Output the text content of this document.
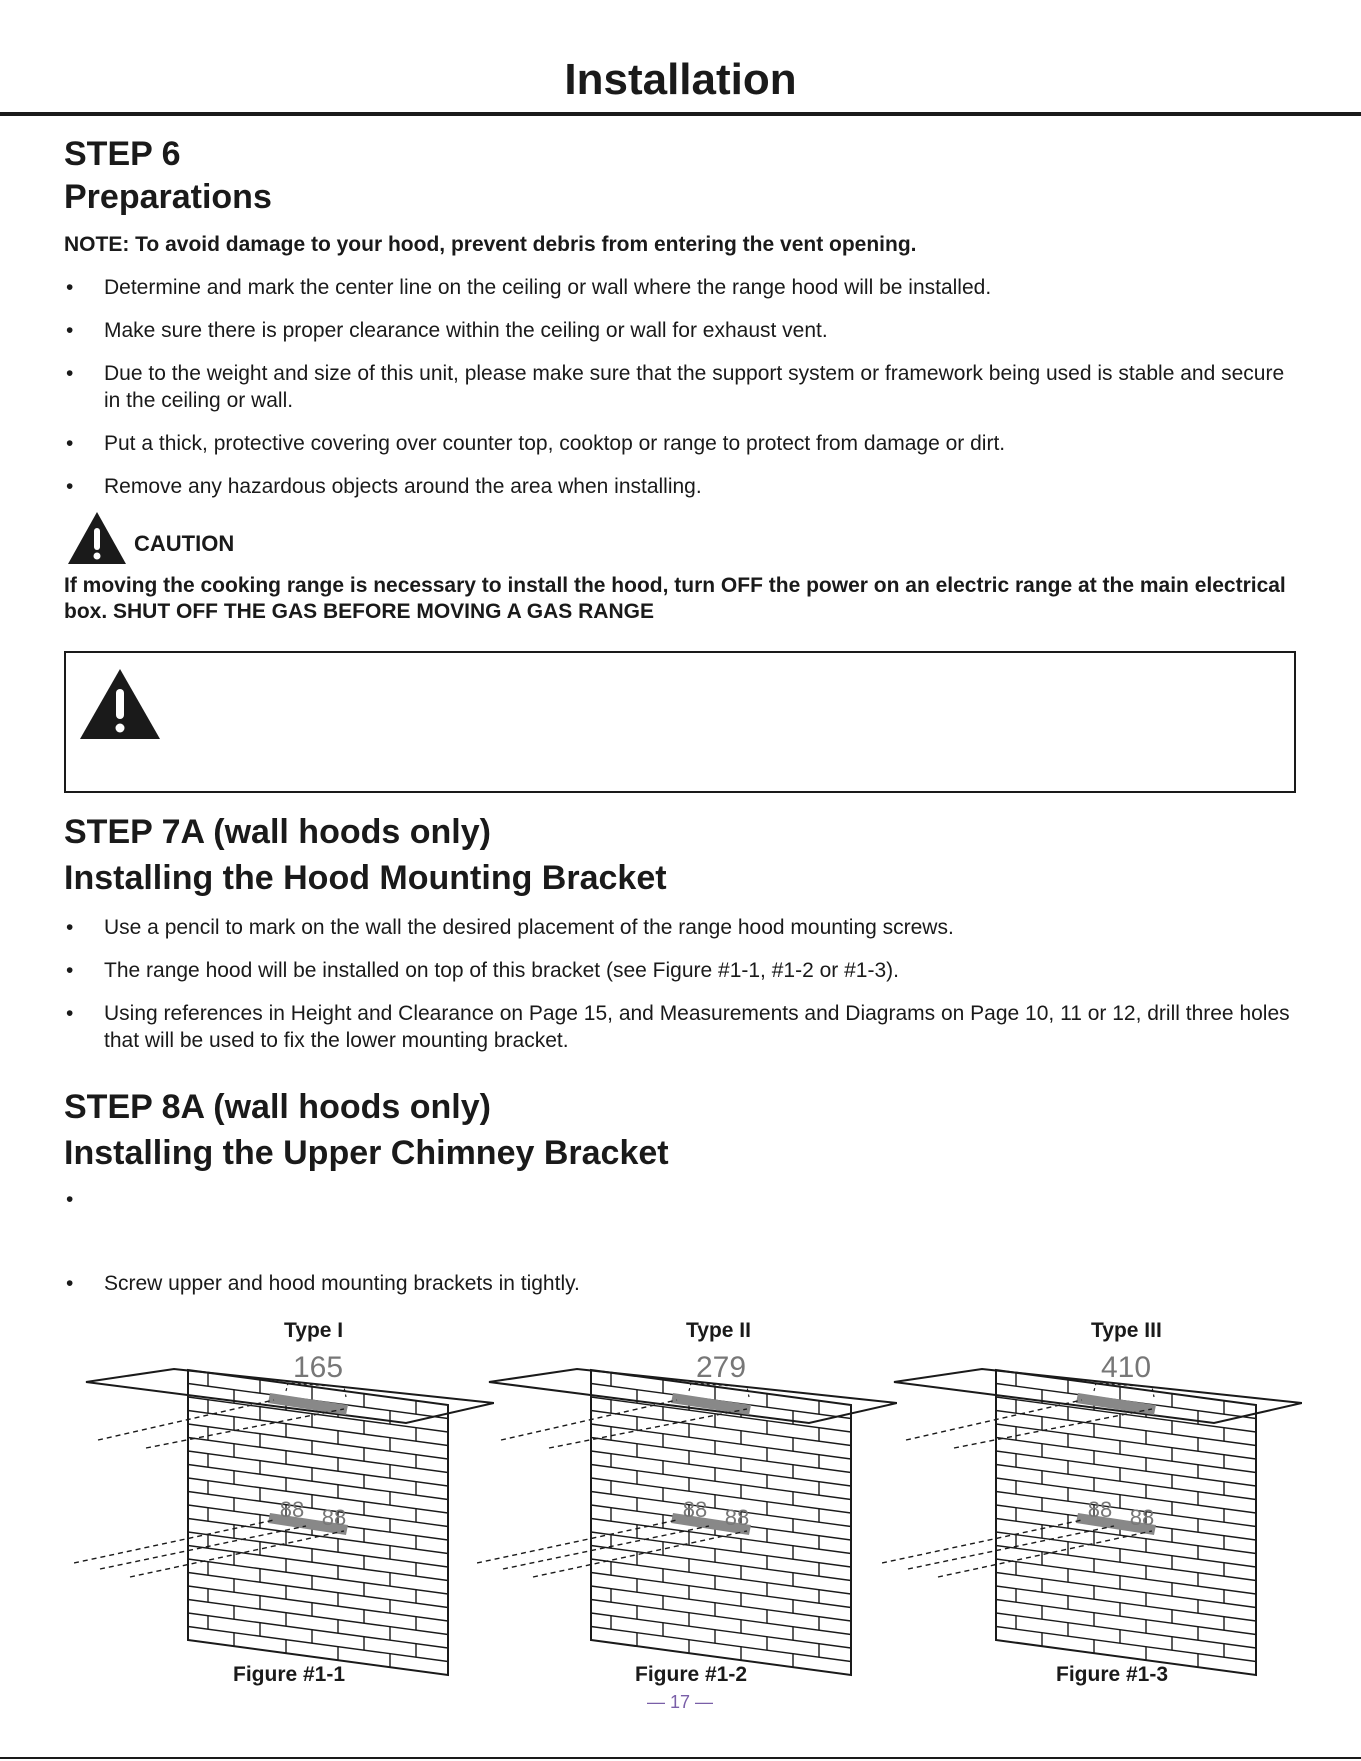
Installation
STEP 6
Preparations

NOTE: To avoid damage to your hood, prevent debris from entering the vent opening.

• Determine and mark the center line on the ceiling or wall where the range hood will be installed.
• Make sure there is proper clearance within the ceiling or wall for exhaust vent.
• Due to the weight and size of this unit, please make sure that the support system or framework being used is stable and secure in the ceiling or wall.
• Put a thick, protective covering over counter top, cooktop or range to protect from damage or dirt.
• Remove any hazardous objects around the area when installing.
CAUTION

If moving the cooking range is necessary to install the hood, turn OFF the power on an electric range at the main electrical box. SHUT OFF THE GAS BEFORE MOVING A GAS RANGE

STEP 7A (wall hoods only)
Installing the Hood Mounting Bracket
• Use a pencil to mark on the wall the desired placement of the range hood mounting screws.
• The range hood will be installed on top of this bracket (see Figure #1-1, #1-2 or #1-3).
• Using references in Height and Clearance on Page 15, and Measurements and Diagrams on Page 10, 11 or 12, drill three holes that will be used to fix the lower mounting bracket.
STEP 8A (wall hoods only)
Installing the Upper Chimney Bracket
•
• Screw upper and hood mounting brackets in tightly.
Type I	Type II	Type III
165
88 88
279
88 88
410
88 88
Figure #1-1	Figure #1-2	Figure #1-3
— 17 —
